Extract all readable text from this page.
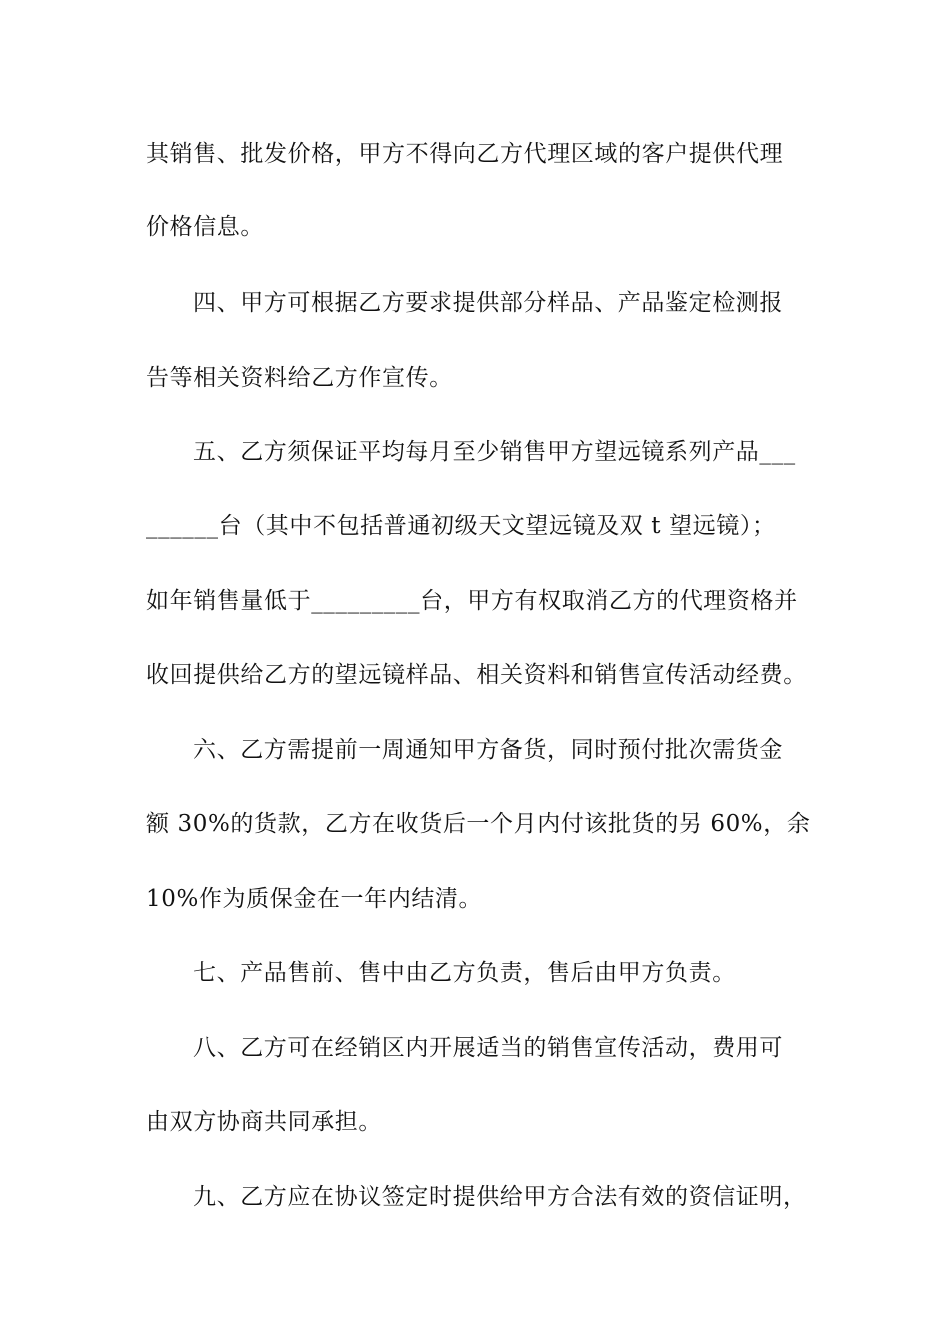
其销售、批发价格，甲方不得向乙方代理区域的客户提供代理
价格信息。
四、甲方可根据乙方要求提供部分样品、产品鉴定检测报
告等相关资料给乙方作宣传。
五、乙方须保证平均每月至少销售甲方望远镜系列产品___
______台（其中不包括普通初级天文望远镜及双 t 望远镜）；
如年销售量低于_________台，甲方有权取消乙方的代理资格并
收回提供给乙方的望远镜样品、相关资料和销售宣传活动经费。
六、乙方需提前一周通知甲方备货，同时预付批次需货金
额 30%的货款，乙方在收货后一个月内付该批货的另 60%，余
10%作为质保金在一年内结清。
七、产品售前、售中由乙方负责，售后由甲方负责。
八、乙方可在经销区内开展适当的销售宣传活动，费用可
由双方协商共同承担。
九、乙方应在协议签定时提供给甲方合法有效的资信证明，
